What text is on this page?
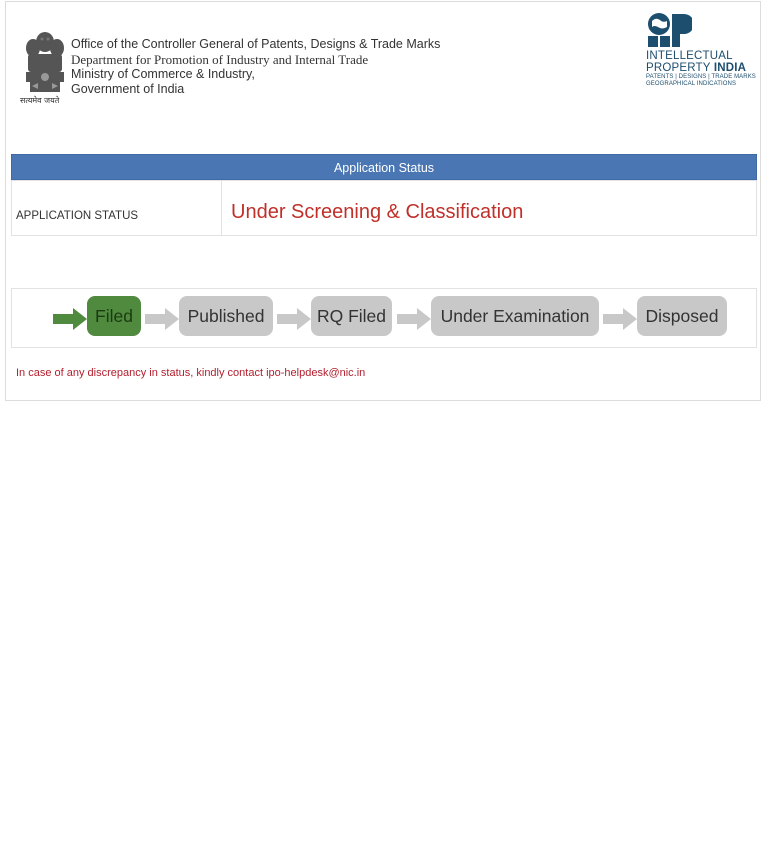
सत्यमेव जयते
Office of the Controller General of Patents, Designs & Trade Marks
Department for Promotion of Industry and Internal Trade
Ministry of Commerce & Industry,
Government of India
INTELLECTUAL
PROPERTY INDIA
PATENTS | DESIGNS | TRADE MARKS
GEOGRAPHICAL INDICATIONS
Application Status
APPLICATION STATUS	Under Screening & Classification
Filed	Published	RQ Filed	Under Examination	Disposed
In case of any discrepancy in status, kindly contact ipo-helpdesk@nic.in
